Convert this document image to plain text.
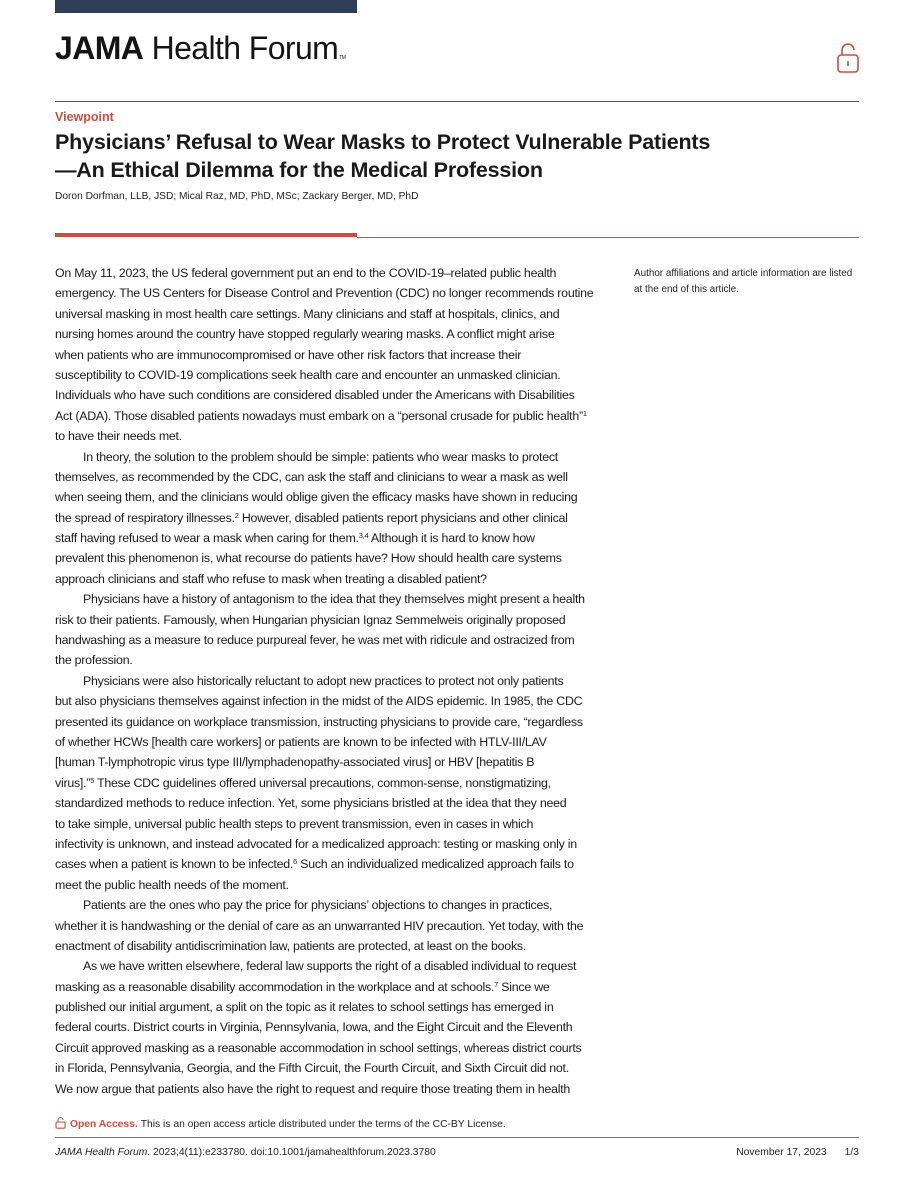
JAMA Health ForumTM
Viewpoint
Physicians’ Refusal to Wear Masks to Protect Vulnerable Patients
—An Ethical Dilemma for the Medical Profession
Doron Dorfman, LLB, JSD; Mical Raz, MD, PhD, MSc; Zackary Berger, MD, PhD
On May 11, 2023, the US federal government put an end to the COVID-19–related public health
emergency. The US Centers for Disease Control and Prevention (CDC) no longer recommends routine
universal masking in most health care settings. Many clinicians and staff at hospitals, clinics, and
nursing homes around the country have stopped regularly wearing masks. A conflict might arise
when patients who are immunocompromised or have other risk factors that increase their
susceptibility to COVID-19 complications seek health care and encounter an unmasked clinician.
Individuals who have such conditions are considered disabled under the Americans with Disabilities
Act (ADA). Those disabled patients nowadays must embark on a “personal crusade for public health”$^1$
to have their needs met.
In theory, the solution to the problem should be simple: patients who wear masks to protect
themselves, as recommended by the CDC, can ask the staff and clinicians to wear a mask as well
when seeing them, and the clinicians would oblige given the efficacy masks have shown in reducing
the spread of respiratory illnesses.$^2$ However, disabled patients report physicians and other clinical
staff having refused to wear a mask when caring for them.$^{3,4}$ Although it is hard to know how
prevalent this phenomenon is, what recourse do patients have? How should health care systems
approach clinicians and staff who refuse to mask when treating a disabled patient?
Physicians have a history of antagonism to the idea that they themselves might present a health
risk to their patients. Famously, when Hungarian physician Ignaz Semmelweis originally proposed
handwashing as a measure to reduce purpureal fever, he was met with ridicule and ostracized from
the profession.
Physicians were also historically reluctant to adopt new practices to protect not only patients
but also physicians themselves against infection in the midst of the AIDS epidemic. In 1985, the CDC
presented its guidance on workplace transmission, instructing physicians to provide care, “regardless
of whether HCWs [health care workers] or patients are known to be infected with HTLV-III/LAV
[human T-lymphotropic virus type III/lymphadenopathy-associated virus] or HBV [hepatitis B
virus].”$^5$ These CDC guidelines offered universal precautions, common-sense, nonstigmatizing,
standardized methods to reduce infection. Yet, some physicians bristled at the idea that they need
to take simple, universal public health steps to prevent transmission, even in cases in which
infectivity is unknown, and instead advocated for a medicalized approach: testing or masking only in
cases when a patient is known to be infected.$^6$ Such an individualized medicalized approach fails to
meet the public health needs of the moment.
Patients are the ones who pay the price for physicians’ objections to changes in practices,
whether it is handwashing or the denial of care as an unwarranted HIV precaution. Yet today, with the
enactment of disability antidiscrimination law, patients are protected, at least on the books.
As we have written elsewhere, federal law supports the right of a disabled individual to request
masking as a reasonable disability accommodation in the workplace and at schools.$^7$ Since we
published our initial argument, a split on the topic as it relates to school settings has emerged in
federal courts. District courts in Virginia, Pennsylvania, Iowa, and the Eight Circuit and the Eleventh
Circuit approved masking as a reasonable accommodation in school settings, whereas district courts
in Florida, Pennsylvania, Georgia, and the Fifth Circuit, the Fourth Circuit, and Sixth Circuit did not.
We now argue that patients also have the right to request and require those treating them in health
Author affiliations and article information are listed at the end of this article.
Open Access. This is an open access article distributed under the terms of the CC-BY License.
JAMA Health Forum. 2023;4(11):e233780. doi:10.1001/jamahealthforum.2023.3780	November 17, 2023 1/3
